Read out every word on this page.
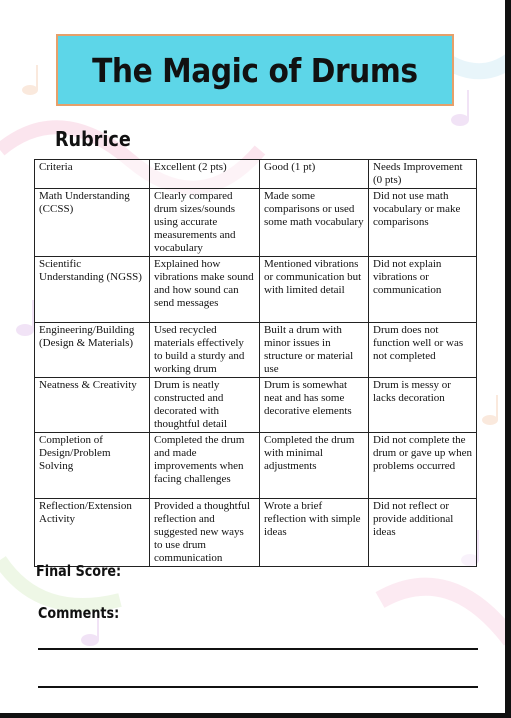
The Magic of Drums
Rubrice
Criteria	Excellent (2 pts)	Good (1 pt)	Needs Improvement (0 pts)
Math Understanding (CCSS)	Clearly compared drum sizes/sounds using accurate measurements and vocabulary	Made some comparisons or used some math vocabulary	Did not use math vocabulary or make comparisons
Scientific Understanding (NGSS)	Explained how vibrations make sound and how sound can send messages	Mentioned vibrations or communication but with limited detail	Did not explain vibrations or communication
Engineering/Building (Design & Materials)	Used recycled materials effectively to build a sturdy and working drum	Built a drum with minor issues in structure or material use	Drum does not function well or was not completed
Neatness & Creativity	Drum is neatly constructed and decorated with thoughtful detail	Drum is somewhat neat and has some decorative elements	Drum is messy or lacks decoration
Completion of Design/Problem Solving	Completed the drum and made improvements when facing challenges	Completed the drum with minimal adjustments	Did not complete the drum or gave up when problems occurred
Reflection/Extension Activity	Provided a thoughtful reflection and suggested new ways to use drum communication	Wrote a brief reflection with simple ideas	Did not reflect or provide additional ideas
Final Score:
Comments:
